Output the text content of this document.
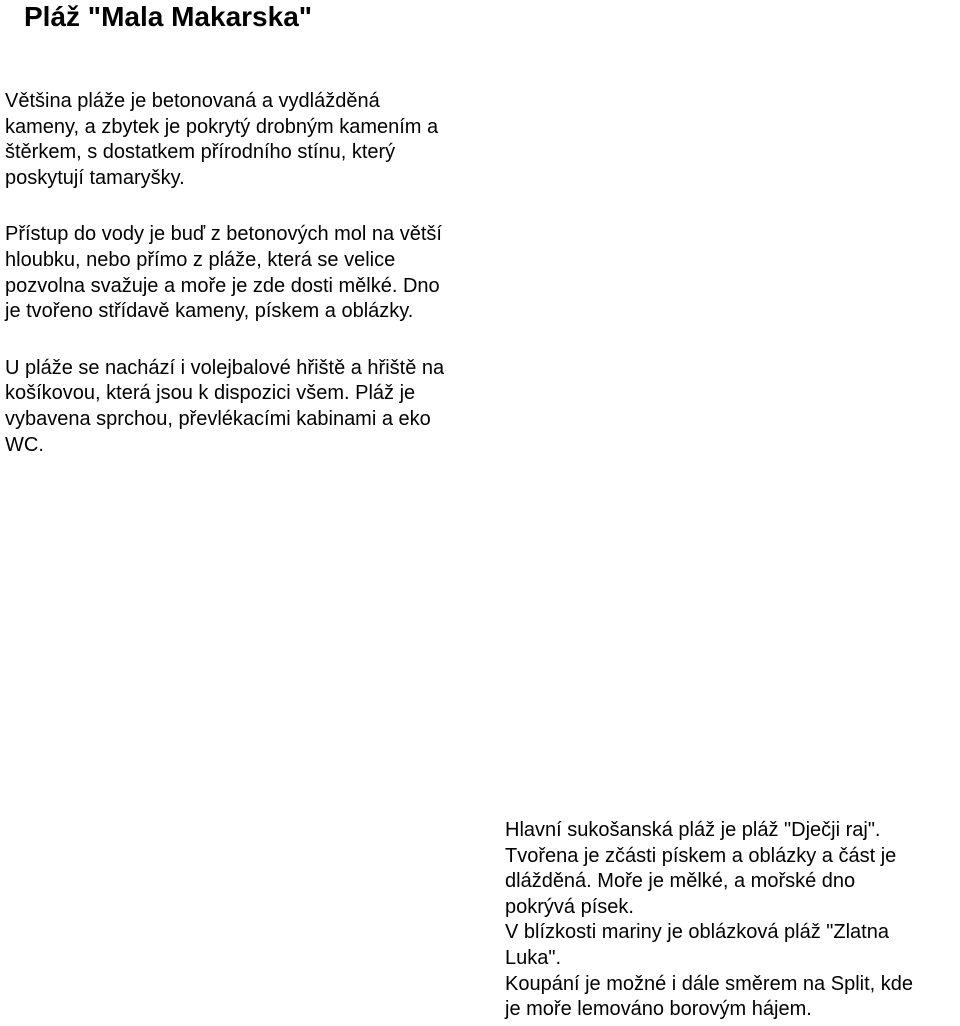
Pláž "Mala Makarska"

Většina pláže je betonovaná a vydlážděná
kameny, a zbytek je pokrytý drobným kamením a
štěrkem, s dostatkem přírodního stínu, který
poskytují tamaryšky.

Přístup do vody je buď z betonových mol na větší
hloubku, nebo přímo z pláže, která se velice
pozvolna svažuje a moře je zde dosti mělké. Dno
je tvořeno střídavě kameny, pískem a oblázky.

U pláže se nachází i volejbalové hřiště a hřiště na
košíkovou, která jsou k dispozici všem. Pláž je
vybavena sprchou, převlékacími kabinami a eko
WC.

Hlavní sukošanská pláž je pláž "Dječji raj".
Tvořena je zčásti pískem a oblázky a část je
dlážděná. Moře je mělké, a mořské dno
pokrývá písek.
V blízkosti mariny je oblázková pláž "Zlatna
Luka".
Koupání je možné i dále směrem na Split, kde
je moře lemováno borovým hájem.
